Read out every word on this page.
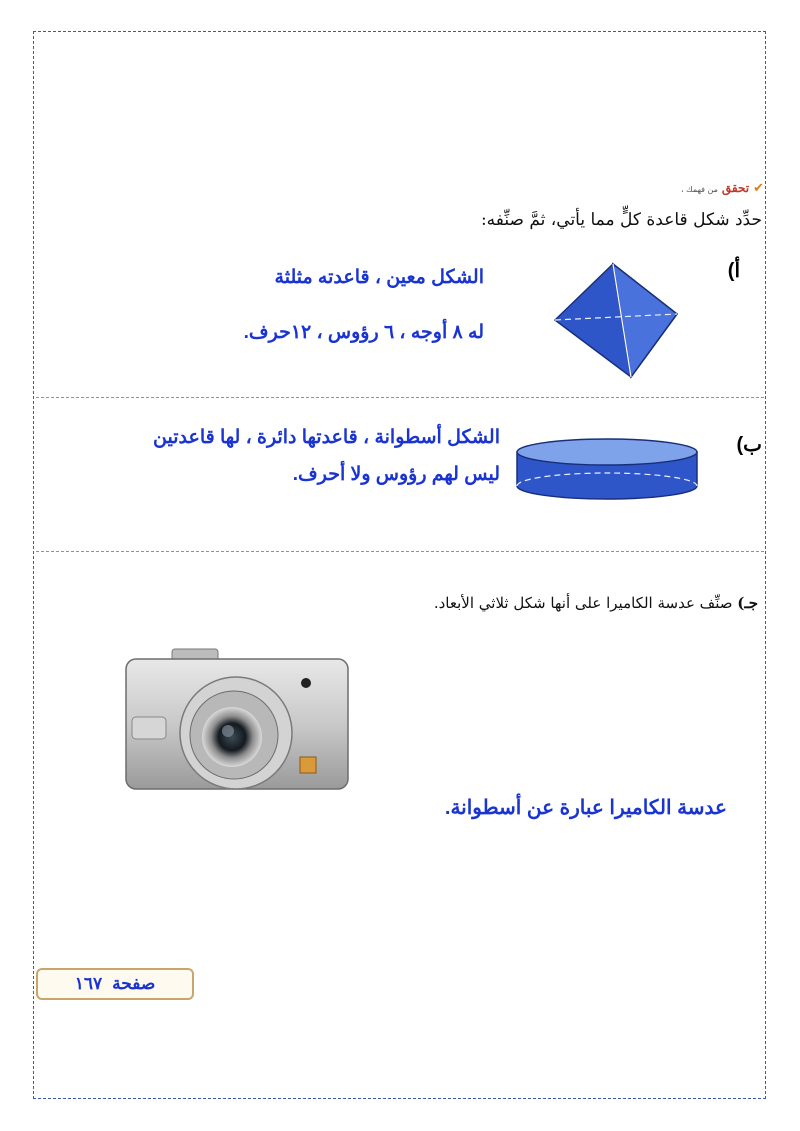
✔
تحقق
من فهمك ،
حدِّد شكل قاعدة كلٍّ مما يأتي، ثمَّ صنِّفه:
أ)
الشكل معين ، قاعدته مثلثة
له ٨ أوجه ، ٦ رؤوس ، ١٢حرف.
ب)
الشكل أسطوانة ، قاعدتها دائرة ، لها قاعدتين
ليس لهم رؤوس ولا أحرف.
جـ) صنِّف عدسة الكاميرا على أنها شكل ثلاثي الأبعاد.
عدسة الكاميرا عبارة عن أسطوانة.
صفحة
١٦٧
